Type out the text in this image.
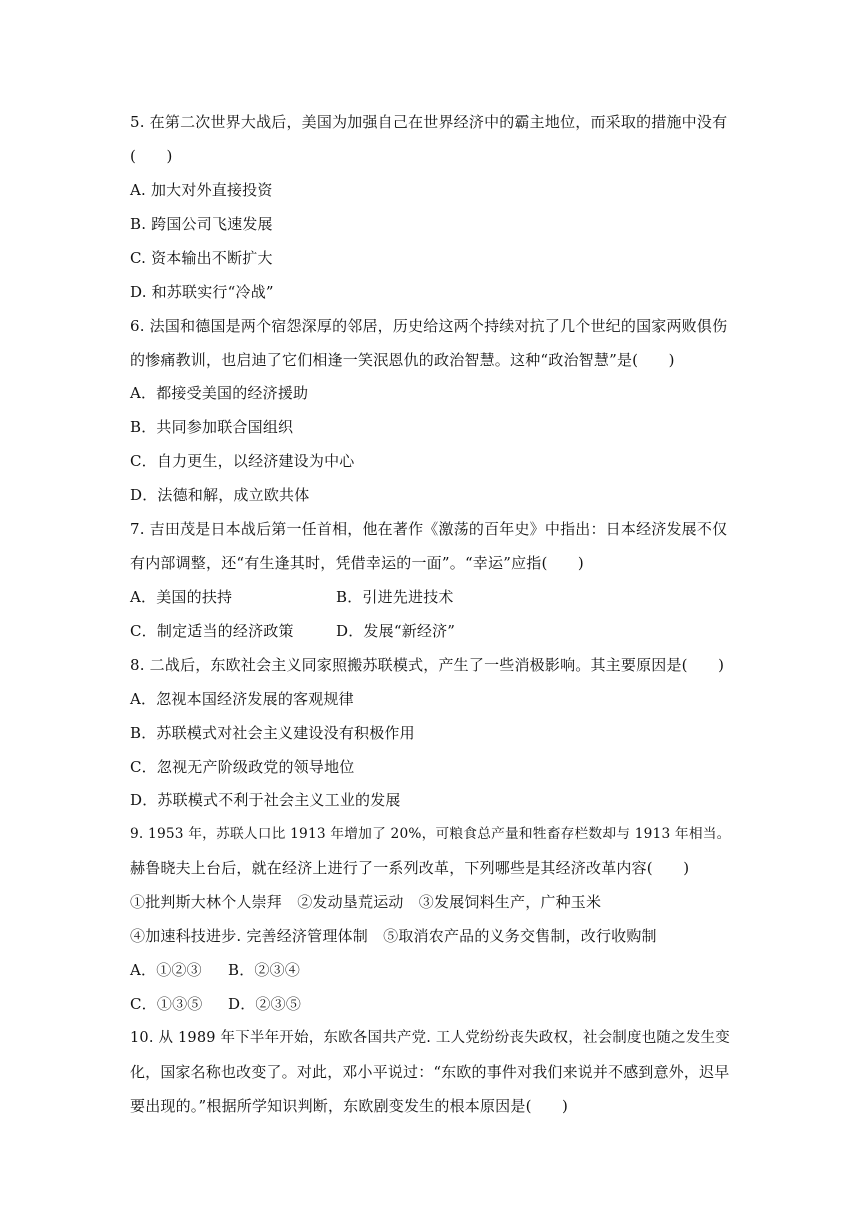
5. 在第二次世界大战后，美国为加强自己在世界经济中的霸主地位，而采取的措施中没有
(　　)
A. 加大对外直接投资
B. 跨国公司飞速发展
C. 资本输出不断扩大
D. 和苏联实行“冷战”
6. 法国和德国是两个宿怨深厚的邻居，历史给这两个持续对抗了几个世纪的国家两败俱伤
的惨痛教训，也启迪了它们相逢一笑泯恩仇的政治智慧。这种“政治智慧”是(　　)
A．都接受美国的经济援助
B．共同参加联合国组织
C．自力更生，以经济建设为中心
D．法德和解，成立欧共体
7. 吉田茂是日本战后第一任首相，他在著作《激荡的百年史》中指出：日本经济发展不仅
有内部调整，还“有生逢其时，凭借幸运的一面”。“幸运”应指(　　)
A．美国的扶持	B．引进先进技术
C．制定适当的经济政策	D．发展“新经济”
8. 二战后，东欧社会主义同家照搬苏联模式，产生了一些消极影响。其主要原因是(　　)
A．忽视本国经济发展的客观规律
B．苏联模式对社会主义建设没有积极作用
C．忽视无产阶级政党的领导地位
D．苏联模式不利于社会主义工业的发展
9. 1953 年，苏联人口比 1913 年增加了 20%，可粮食总产量和牲畜存栏数却与 1913 年相当。
赫鲁晓夫上台后，就在经济上进行了一系列改革，下列哪些是其经济改革内容(　　)
①批判斯大林个人崇拜　②发动垦荒运动　③发展饲料生产，广种玉米
④加速科技进步. 完善经济管理体制　⑤取消农产品的义务交售制，改行收购制
A．①②③ B．②③④
C．①③⑤ D．②③⑤
10. 从 1989 年下半年开始，东欧各国共产党. 工人党纷纷丧失政权，社会制度也随之发生变
化，国家名称也改变了。对此，邓小平说过：“东欧的事件对我们来说并不感到意外，迟早
要出现的。”根据所学知识判断，东欧剧变发生的根本原因是(　　)
